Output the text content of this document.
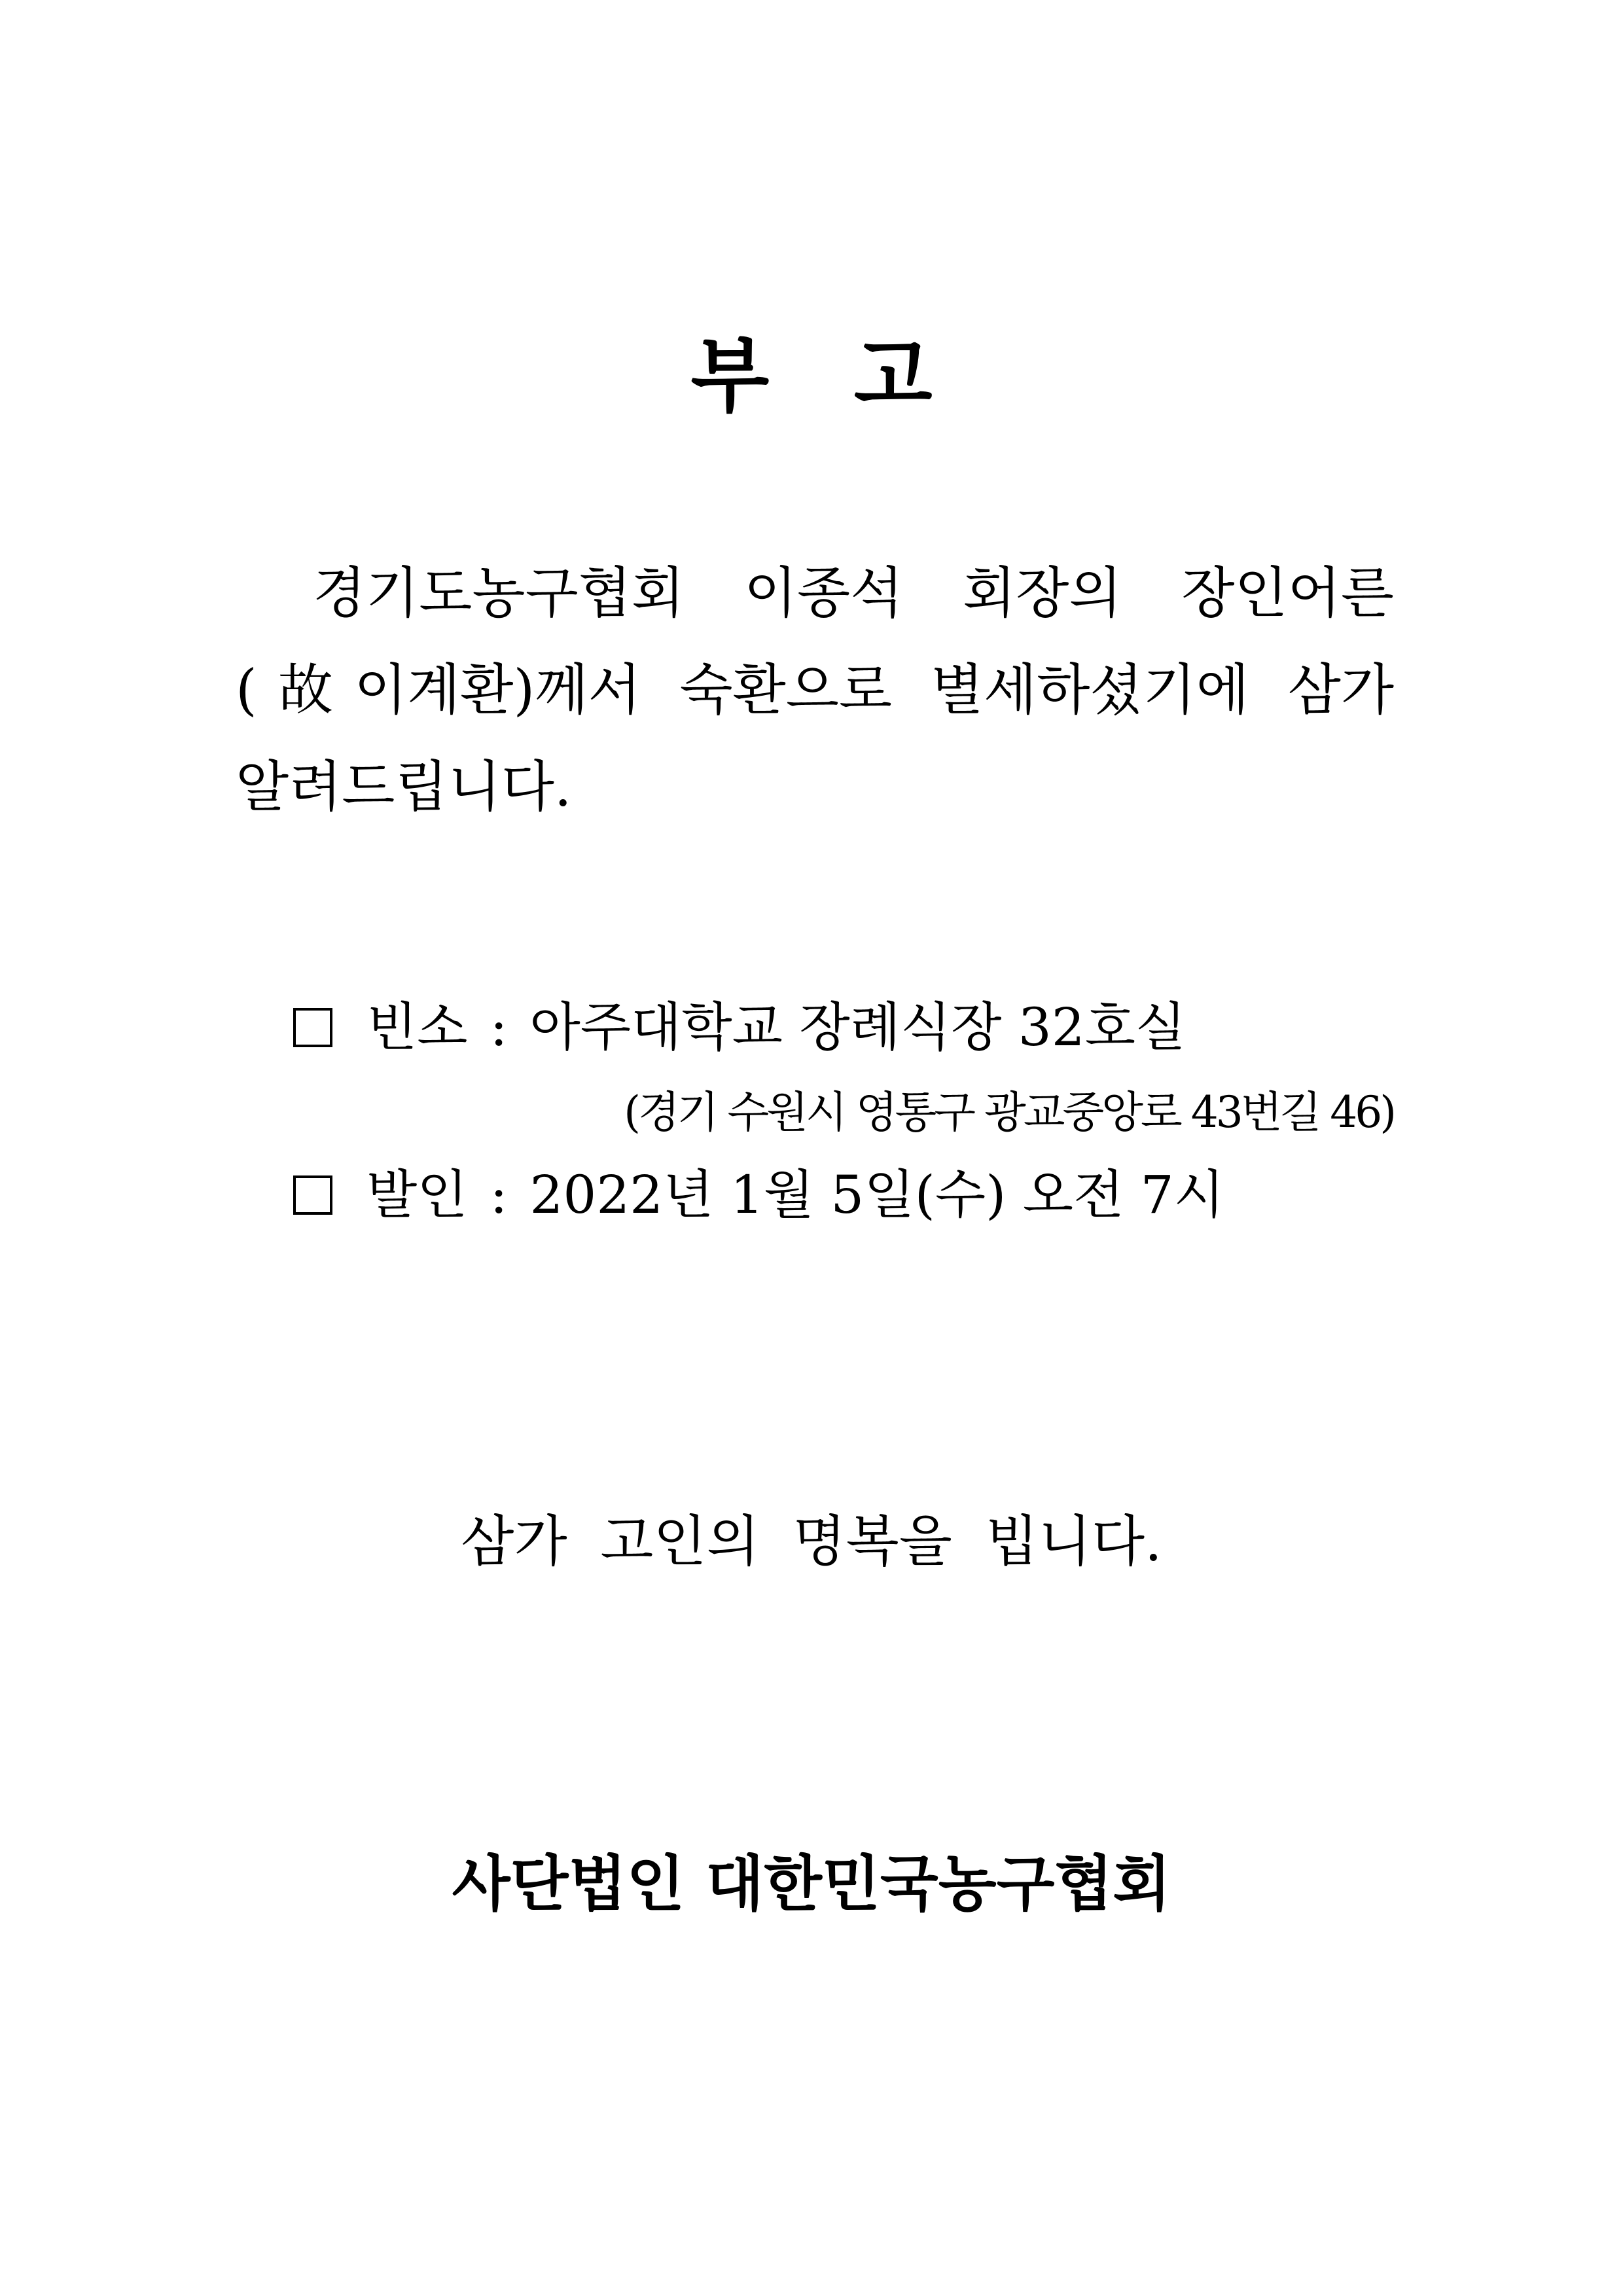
부   고
경기도농구협회 이종석 회장의 장인어른
(故이계환)께서 숙환으로 별세하셨기에 삼가
알려드립니다.
빈소 : 아주대학교 장례식장 32호실
(경기 수원시 영통구 광교중앙로 43번길 46)
발인 : 2022년 1월 5일(수) 오전 7시
삼가 고인의 명복을 빕니다.
사단법인 대한민국농구협회
